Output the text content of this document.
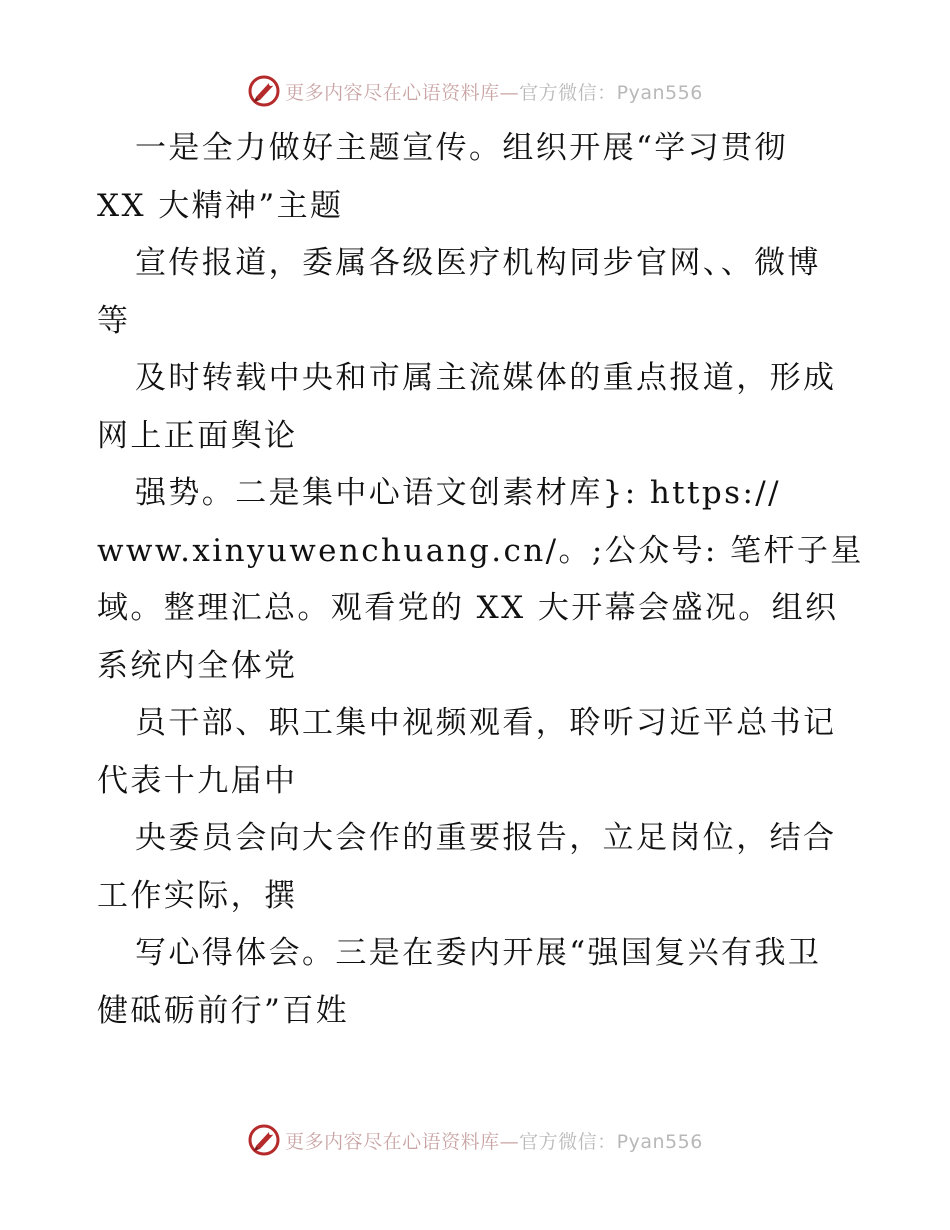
更多内容尽在心语资料库—官方微信：Pyan556
一是全力做好主题宣传。组织开展“学习贯彻
XX 大精神”主题
宣传报道，委属各级医疗机构同步官网、、微博
等
及时转载中央和市属主流媒体的重点报道，形成
网上正面舆论
强势。二是集中心语文创素材库}: https://
www.xinyuwenchuang.cn/。;公众号: 笔杆子星
域。整理汇总。观看党的 XX 大开幕会盛况。组织
系统内全体党
员干部、职工集中视频观看，聆听习近平总书记
代表十九届中
央委员会向大会作的重要报告，立足岗位，结合
工作实际，撰
写心得体会。三是在委内开展“强国复兴有我卫
健砥砺前行”百姓
更多内容尽在心语资料库—官方微信：Pyan556
